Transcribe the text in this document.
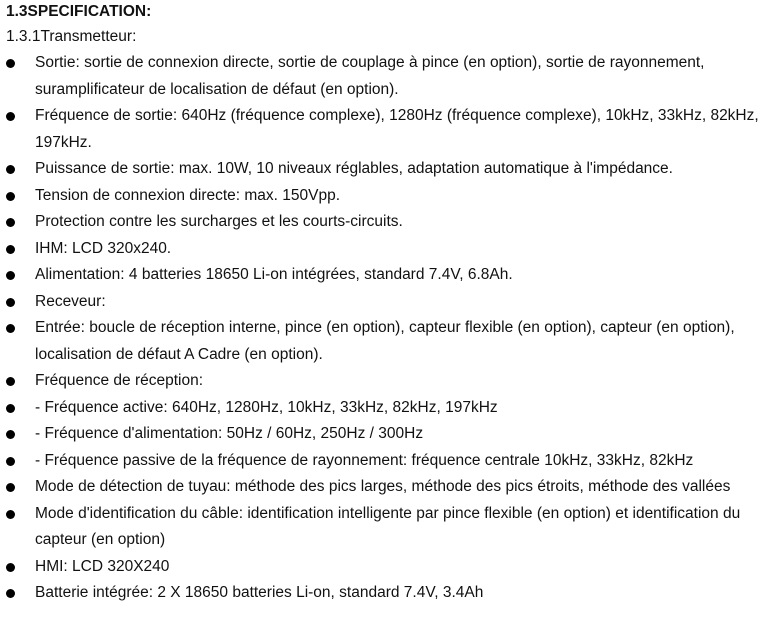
1.3SPECIFICATION:

1.3.1Transmetteur:

Sortie: sortie de connexion directe, sortie de couplage à pince (en option), sortie de rayonnement, suramplificateur de localisation de défaut (en option).
Fréquence de sortie: 640Hz (fréquence complexe), 1280Hz (fréquence complexe), 10kHz, 33kHz, 82kHz, 197kHz.
Puissance de sortie: max. 10W, 10 niveaux réglables, adaptation automatique à l'impédance.
Tension de connexion directe: max. 150Vpp.
Protection contre les surcharges et les courts-circuits.
IHM: LCD 320x240.
Alimentation: 4 batteries 18650 Li-on intégrées, standard 7.4V, 6.8Ah.
Receveur:
Entrée: boucle de réception interne, pince (en option), capteur flexible (en option), capteur (en option), localisation de défaut A Cadre (en option).
Fréquence de réception:
- Fréquence active: 640Hz, 1280Hz, 10kHz, 33kHz, 82kHz, 197kHz
- Fréquence d'alimentation: 50Hz / 60Hz, 250Hz / 300Hz
- Fréquence passive de la fréquence de rayonnement: fréquence centrale 10kHz, 33kHz, 82kHz
Mode de détection de tuyau: méthode des pics larges, méthode des pics étroits, méthode des vallées
Mode d'identification du câble: identification intelligente par pince flexible (en option) et identification du capteur (en option)
HMI: LCD 320X240
Batterie intégrée: 2 X 18650 batteries Li-on, standard 7.4V, 3.4Ah
